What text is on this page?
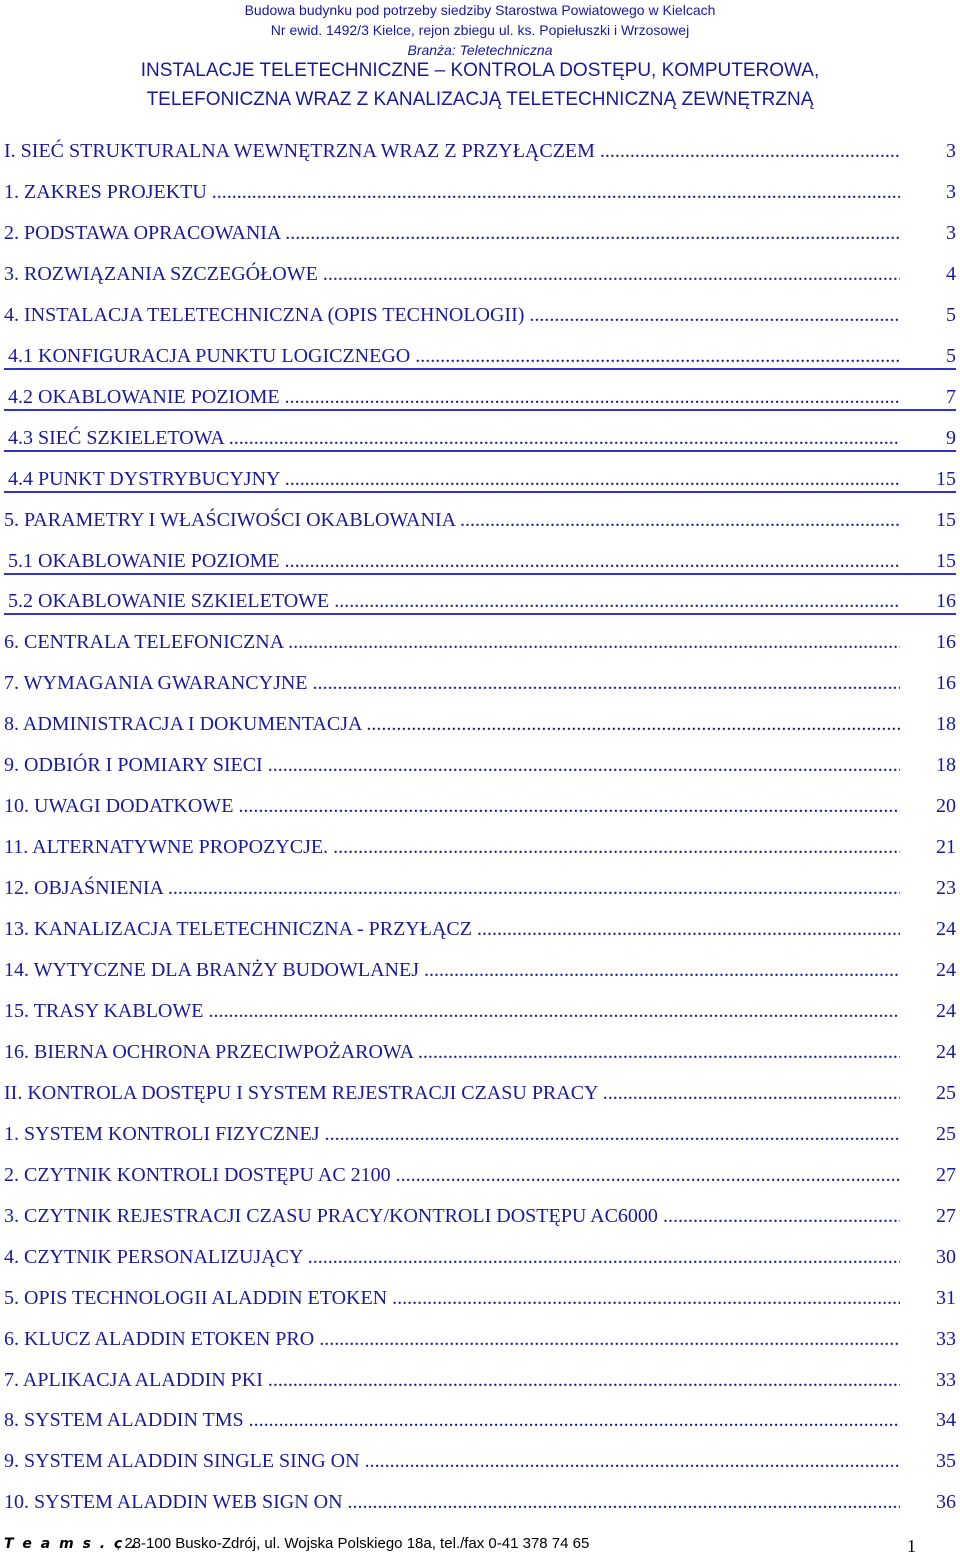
Budowa budynku pod potrzeby siedziby Starostwa Powiatowego w Kielcach
Nr ewid. 1492/3 Kielce, rejon zbiegu ul. ks. Popiełuszki i Wrzosowej
Branża: Teletechniczna
INSTALACJE TELETECHNICZNE – KONTROLA DOSTĘPU, KOMPUTEROWA,
TELEFONICZNA WRAZ Z KANALIZACJĄ TELETECHNICZNĄ ZEWNĘTRZNĄ
I. SIEĆ STRUKTURALNA WEWNĘTRZNA WRAZ Z PRZYŁĄCZEM .....	3
1. ZAKRES PROJEKTU .....	3
2. PODSTAWA OPRACOWANIA .....	3
3. ROZWIĄZANIA SZCZEGÓŁOWE .....	4
4. INSTALACJA TELETECHNICZNA (OPIS TECHNOLOGII) .....	5
4.1 KONFIGURACJA PUNKTU LOGICZNEGO .....	5
4.2 OKABLOWANIE POZIOME .....	7
4.3 SIEĆ SZKIELETOWA .....	9
4.4 PUNKT DYSTRYBUCYJNY .....	15
5. PARAMETRY I WŁAŚCIWOŚCI OKABLOWANIA .....	15
5.1 OKABLOWANIE POZIOME .....	15
5.2 OKABLOWANIE SZKIELETOWE .....	16
6. CENTRALA TELEFONICZNA .....	16
7. WYMAGANIA GWARANCYJNE .....	16
8. ADMINISTRACJA I DOKUMENTACJA .....	18
9. ODBIÓR I POMIARY SIECI .....	18
10. UWAGI DODATKOWE .....	20
11. ALTERNATYWNE PROPOZYCJE. .....	21
12. OBJAŚNIENIA .....	23
13. KANALIZACJA TELETECHNICZNA - PRZYŁĄCZ .....	24
14. WYTYCZNE DLA BRANŻY BUDOWLANEJ .....	24
15. TRASY KABLOWE .....	24
16. BIERNA OCHRONA PRZECIWPOŻAROWA .....	24
II. KONTROLA DOSTĘPU I SYSTEM REJESTRACJI CZASU PRACY .....	25
1. SYSTEM KONTROLI FIZYCZNEJ .....	25
2. CZYTNIK KONTROLI DOSTĘPU AC 2100 .....	27
3. CZYTNIK REJESTRACJI CZASU PRACY/KONTROLI DOSTĘPU AC6000 .....	27
4. CZYTNIK PERSONALIZUJĄCY .....	30
5. OPIS TECHNOLOGII ALADDIN ETOKEN .....	31
6. KLUCZ ALADDIN ETOKEN PRO .....	33
7. APLIKACJA ALADDIN PKI .....	33
8. SYSTEM ALADDIN TMS .....	34
9. SYSTEM ALADDIN SINGLE SING ON .....	35
10. SYSTEM ALADDIN WEB SIGN ON .....	36
T e a m s . c .
, 28-100 Busko-Zdrój, ul. Wojska Polskiego 18a, tel./fax 0-41 378 74 65	1
